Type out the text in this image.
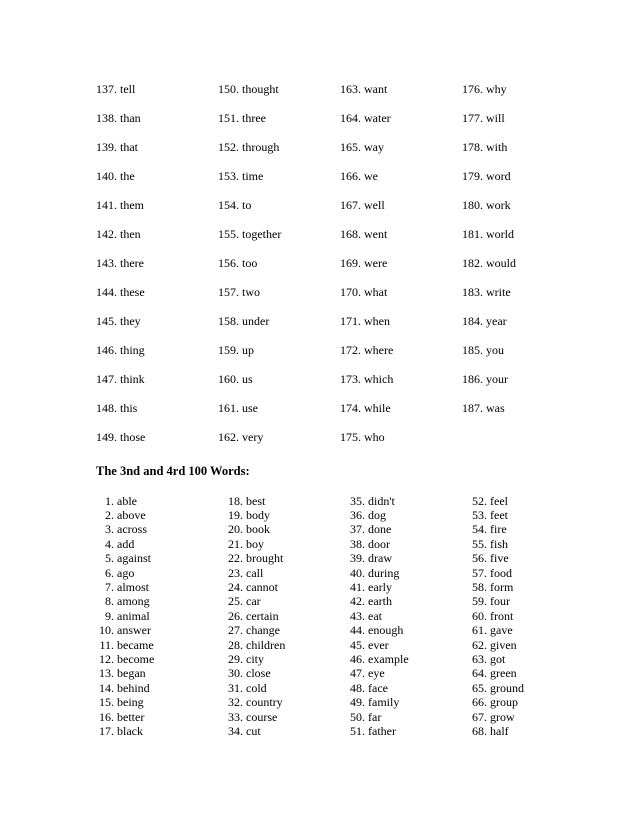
137. tell	150. thought	163. want	176. why
138. than	151. three	164. water	177. will
139. that	152. through	165. way	178. with
140. the	153. time	166. we	179. word
141. them	154. to	167. well	180. work
142. then	155. together	168. went	181. world
143. there	156. too	169. were	182. would
144. these	157. two	170. what	183. write
145. they	158. under	171. when	184. year
146. thing	159. up	172. where	185. you
147. think	160. us	173. which	186. your
148. this	161. use	174. while	187. was
149. those	162. very	175. who
The 3nd and 4rd 100 Words:
1. able	18. best	35. didn't	52. feel
2. above	19. body	36. dog	53. feet
3. across	20. book	37. done	54. fire
4. add	21. boy	38. door	55. fish
5. against	22. brought	39. draw	56. five
6. ago	23. call	40. during	57. food
7. almost	24. cannot	41. early	58. form
8. among	25. car	42. earth	59. four
9. animal	26. certain	43. eat	60. front
10. answer	27. change	44. enough	61. gave
11. became	28. children	45. ever	62. given
12. become	29. city	46. example	63. got
13. began	30. close	47. eye	64. green
14. behind	31. cold	48. face	65. ground
15. being	32. country	49. family	66. group
16. better	33. course	50. far	67. grow
17. black	34. cut	51. father	68. half
